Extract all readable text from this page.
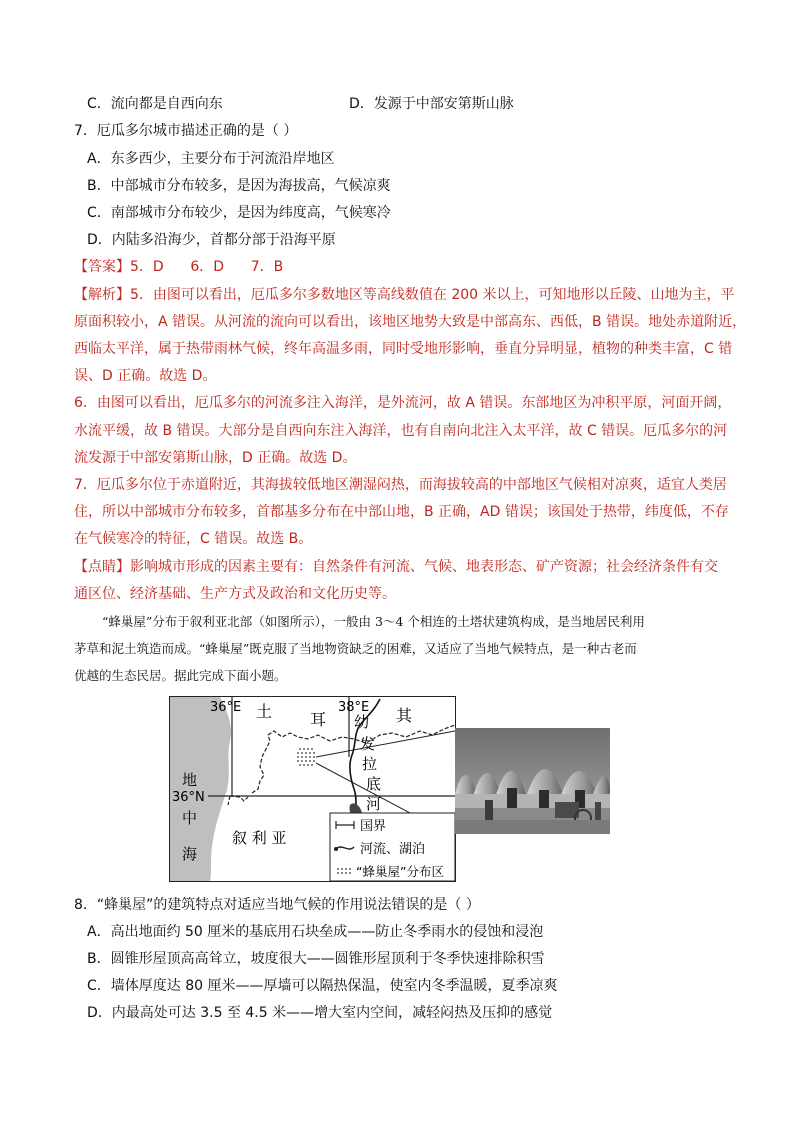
C．流向都是自西向东	D．发源于中部安第斯山脉
7．厄瓜多尔城市描述正确的是（ ）
A．东多西少，主要分布于河流沿岸地区
B．中部城市分布较多，是因为海拔高，气候凉爽
C．南部城市分布较少，是因为纬度高，气候寒冷
D．内陆多沿海少，首都分部于沿海平原
【答案】5．D      6．D      7．B
【解析】5．由图可以看出，厄瓜多尔多数地区等高线数值在 200 米以上，可知地形以丘陵、山地为主，平
原面积较小，A 错误。从河流的流向可以看出，该地区地势大致是中部高东、西低，B 错误。地处赤道附近，
西临太平洋，属于热带雨林气候，终年高温多雨，同时受地形影响，垂直分异明显，植物的种类丰富，C 错
误、D 正确。故选 D。
6．由图可以看出，厄瓜多尔的河流多注入海洋，是外流河，故 A 错误。东部地区为冲积平原，河面开阔，
水流平缓，故 B 错误。大部分是自西向东注入海洋，也有自南向北注入太平洋，故 C 错误。厄瓜多尔的河
流发源于中部安第斯山脉，D 正确。故选 D。
7．厄瓜多尔位于赤道附近，其海拔较低地区潮湿闷热，而海拔较高的中部地区气候相对凉爽，适宜人类居
住，所以中部城市分布较多，首都基多分布在中部山地，B 正确，AD 错误；该国处于热带，纬度低，不存
在气候寒冷的特征，C 错误。故选 B。
【点睛】影响城市形成的因素主要有：自然条件有河流、气候、地表形态、矿产资源；社会经济条件有交
通区位、经济基础、生产方式及政治和文化历史等。
“蜂巢屋”分布于叙利亚北部（如图所示），一般由 3～4 个相连的土塔状建筑构成，是当地居民利用
茅草和泥土筑造而成。“蜂巢屋”既克服了当地物资缺乏的困难，又适应了当地气候特点，是一种古老而
优越的生态民居。据此完成下面小题。
36°E	38°E
土 耳	其
幼
发
拉
底
河
地
36°N
中
海
叙 利 亚
国界
河流、湖泊
“蜂巢屋”分布区
8．“蜂巢屋”的建筑特点对适应当地气候的作用说法错误的是（ ）
A．高出地面约 50 厘米的基底用石块垒成——防止冬季雨水的侵蚀和浸泡
B．圆锥形屋顶高高耸立，坡度很大——圆锥形屋顶利于冬季快速排除积雪
C．墙体厚度达 80 厘米——厚墙可以隔热保温，使室内冬季温暖，夏季凉爽
D．内最高处可达 3.5 至 4.5 米——增大室内空间，减轻闷热及压抑的感觉
